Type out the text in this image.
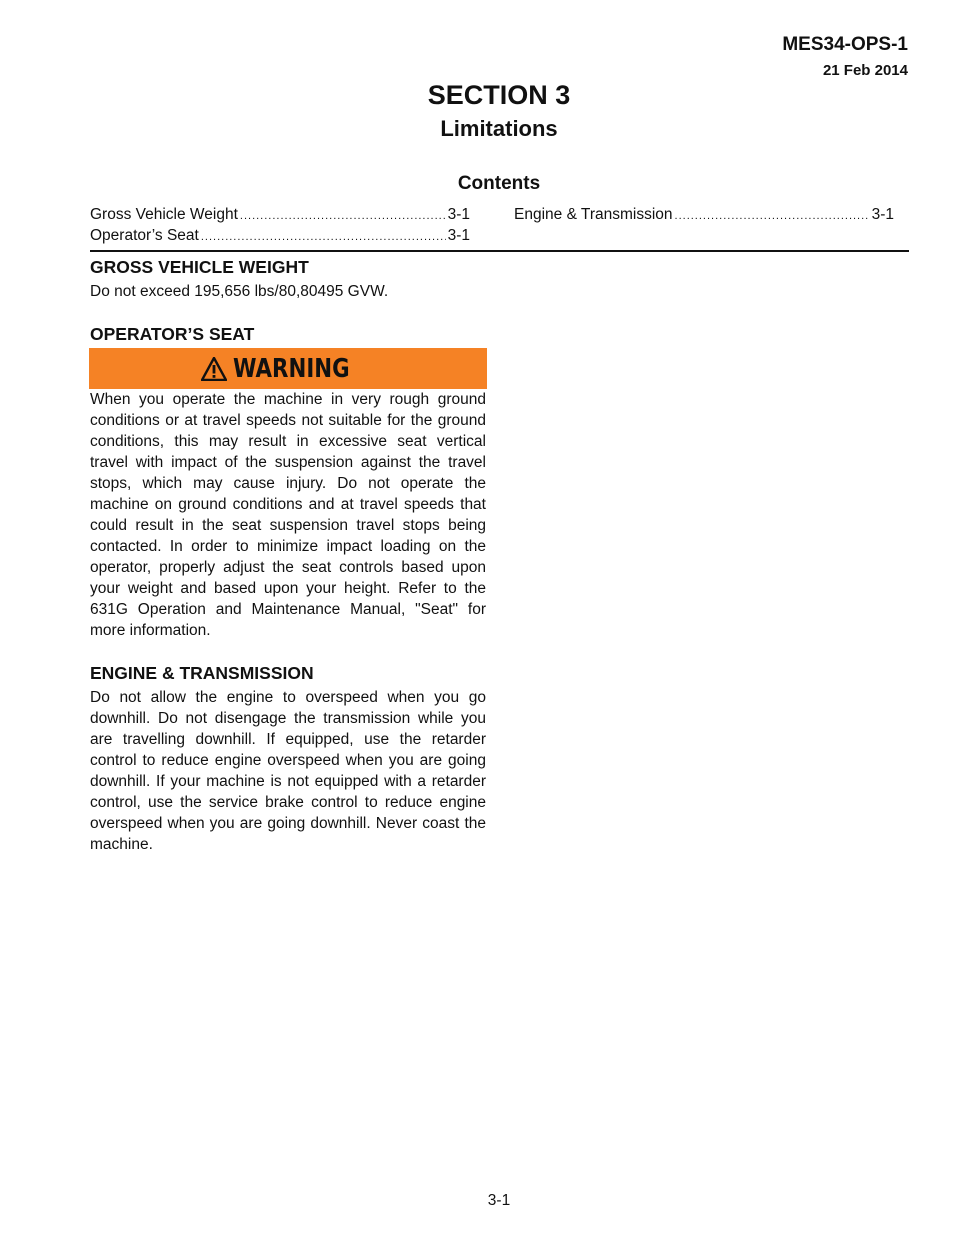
MES34-OPS-1
21 Feb 2014
SECTION 3
Limitations
Contents
Gross Vehicle Weight .....	3-1
Operator’s Seat .....	3-1
Engine & Transmission .....	3-1
GROSS VEHICLE WEIGHT

Do not exceed 195,656 lbs/80,80495 GVW.

OPERATOR’S SEAT
WARNING

When you operate the machine in very rough ground conditions or at travel speeds not suitable for the ground conditions, this may result in excessive seat vertical travel with impact of the suspension against the travel stops, which may cause injury. Do not operate the machine on ground conditions and at travel speeds that could result in the seat suspension travel stops being contacted. In order to minimize impact loading on the operator, properly adjust the seat controls based upon your weight and based upon your height. Refer to the 631G Operation and Maintenance Manual, "Seat" for more information.

ENGINE & TRANSMISSION

Do not allow the engine to overspeed when you go downhill. Do not disengage the transmission while you are travelling downhill. If equipped, use the retarder control to reduce engine overspeed when you are going downhill. If your machine is not equipped with a retarder control, use the service brake control to reduce engine overspeed when you are going downhill. Never coast the machine.

3-1
